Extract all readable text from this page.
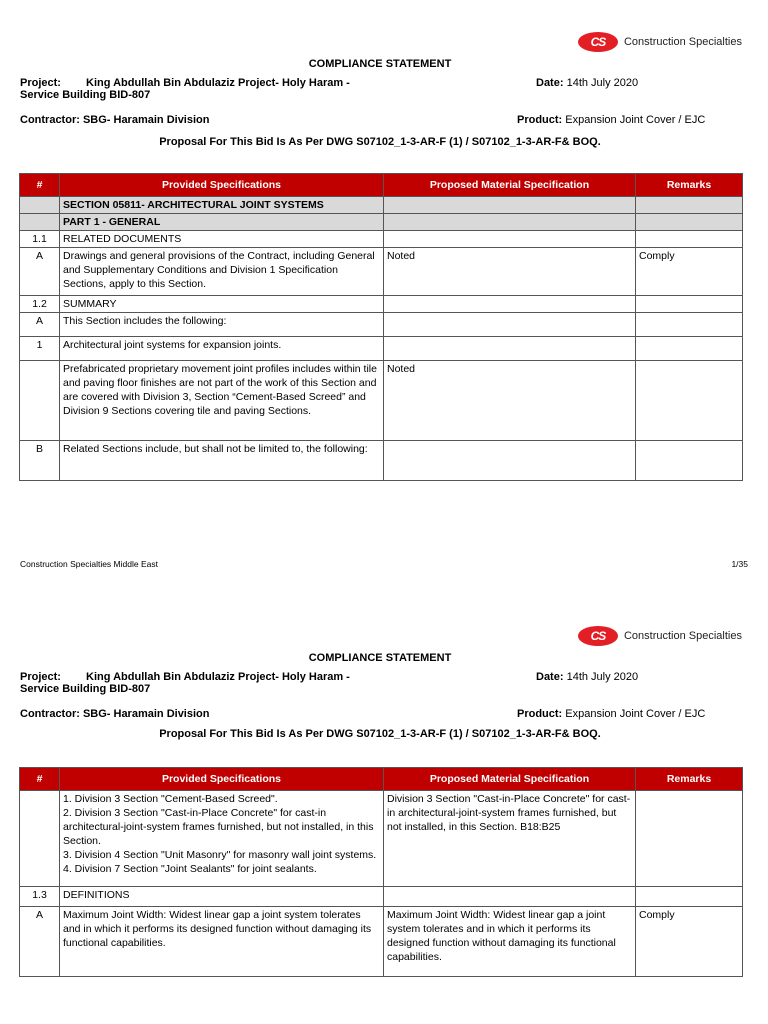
CS	Construction Specialties
COMPLIANCE STATEMENT
Project: King Abdullah Bin Abdulaziz Project- Holy Haram -
Service Building BID-807
Date: 14th July 2020
Contractor: SBG- Haramain Division	Product: Expansion Joint Cover / EJC
Proposal For This Bid Is As Per DWG S07102_1-3-AR-F (1) / S07102_1-3-AR-F& BOQ.
#	Provided Specifications	Proposed Material Specification	Remarks
	SECTION 05811- ARCHITECTURAL JOINT SYSTEMS		
	PART 1 - GENERAL		
1.1	RELATED DOCUMENTS		
A	Drawings and general provisions of the Contract, including General and Supplementary Conditions and Division 1 Specification Sections, apply to this Section.	Noted	Comply
1.2	SUMMARY		
A	This Section includes the following:		
1	Architectural joint systems for expansion joints.		
	Prefabricated proprietary movement joint profiles includes within tile and paving floor finishes are not part of the work of this Section and are covered with Division 3, Section “Cement-Based Screed” and Division 9 Sections covering tile and paving Sections.	Noted	
B	Related Sections include, but shall not be limited to, the following:		
Construction Specialties Middle East	1/35
CS	Construction Specialties
COMPLIANCE STATEMENT
Project: King Abdullah Bin Abdulaziz Project- Holy Haram -
Service Building BID-807
Date: 14th July 2020
Contractor: SBG- Haramain Division	Product: Expansion Joint Cover / EJC
Proposal For This Bid Is As Per DWG S07102_1-3-AR-F (1) / S07102_1-3-AR-F& BOQ.
#	Provided Specifications	Proposed Material Specification	Remarks

	1. Division 3 Section "Cement-Based Screed".
2. Division 3 Section "Cast-in-Place Concrete" for cast-in architectural-joint-system frames furnished, but not installed, in this Section.
3. Division 4 Section "Unit Masonry" for masonry wall joint systems.
4. Division 7 Section "Joint Sealants" for joint sealants.	Division 3 Section "Cast-in-Place Concrete" for cast-in architectural-joint-system frames furnished, but not installed, in this Section. B18:B25	
1.3	DEFINITIONS		
A	Maximum Joint Width: Widest linear gap a joint system tolerates and in which it performs its designed function without damaging its functional capabilities.	Maximum Joint Width: Widest linear gap a joint system tolerates and in which it performs its designed function without damaging its functional capabilities.	Comply
